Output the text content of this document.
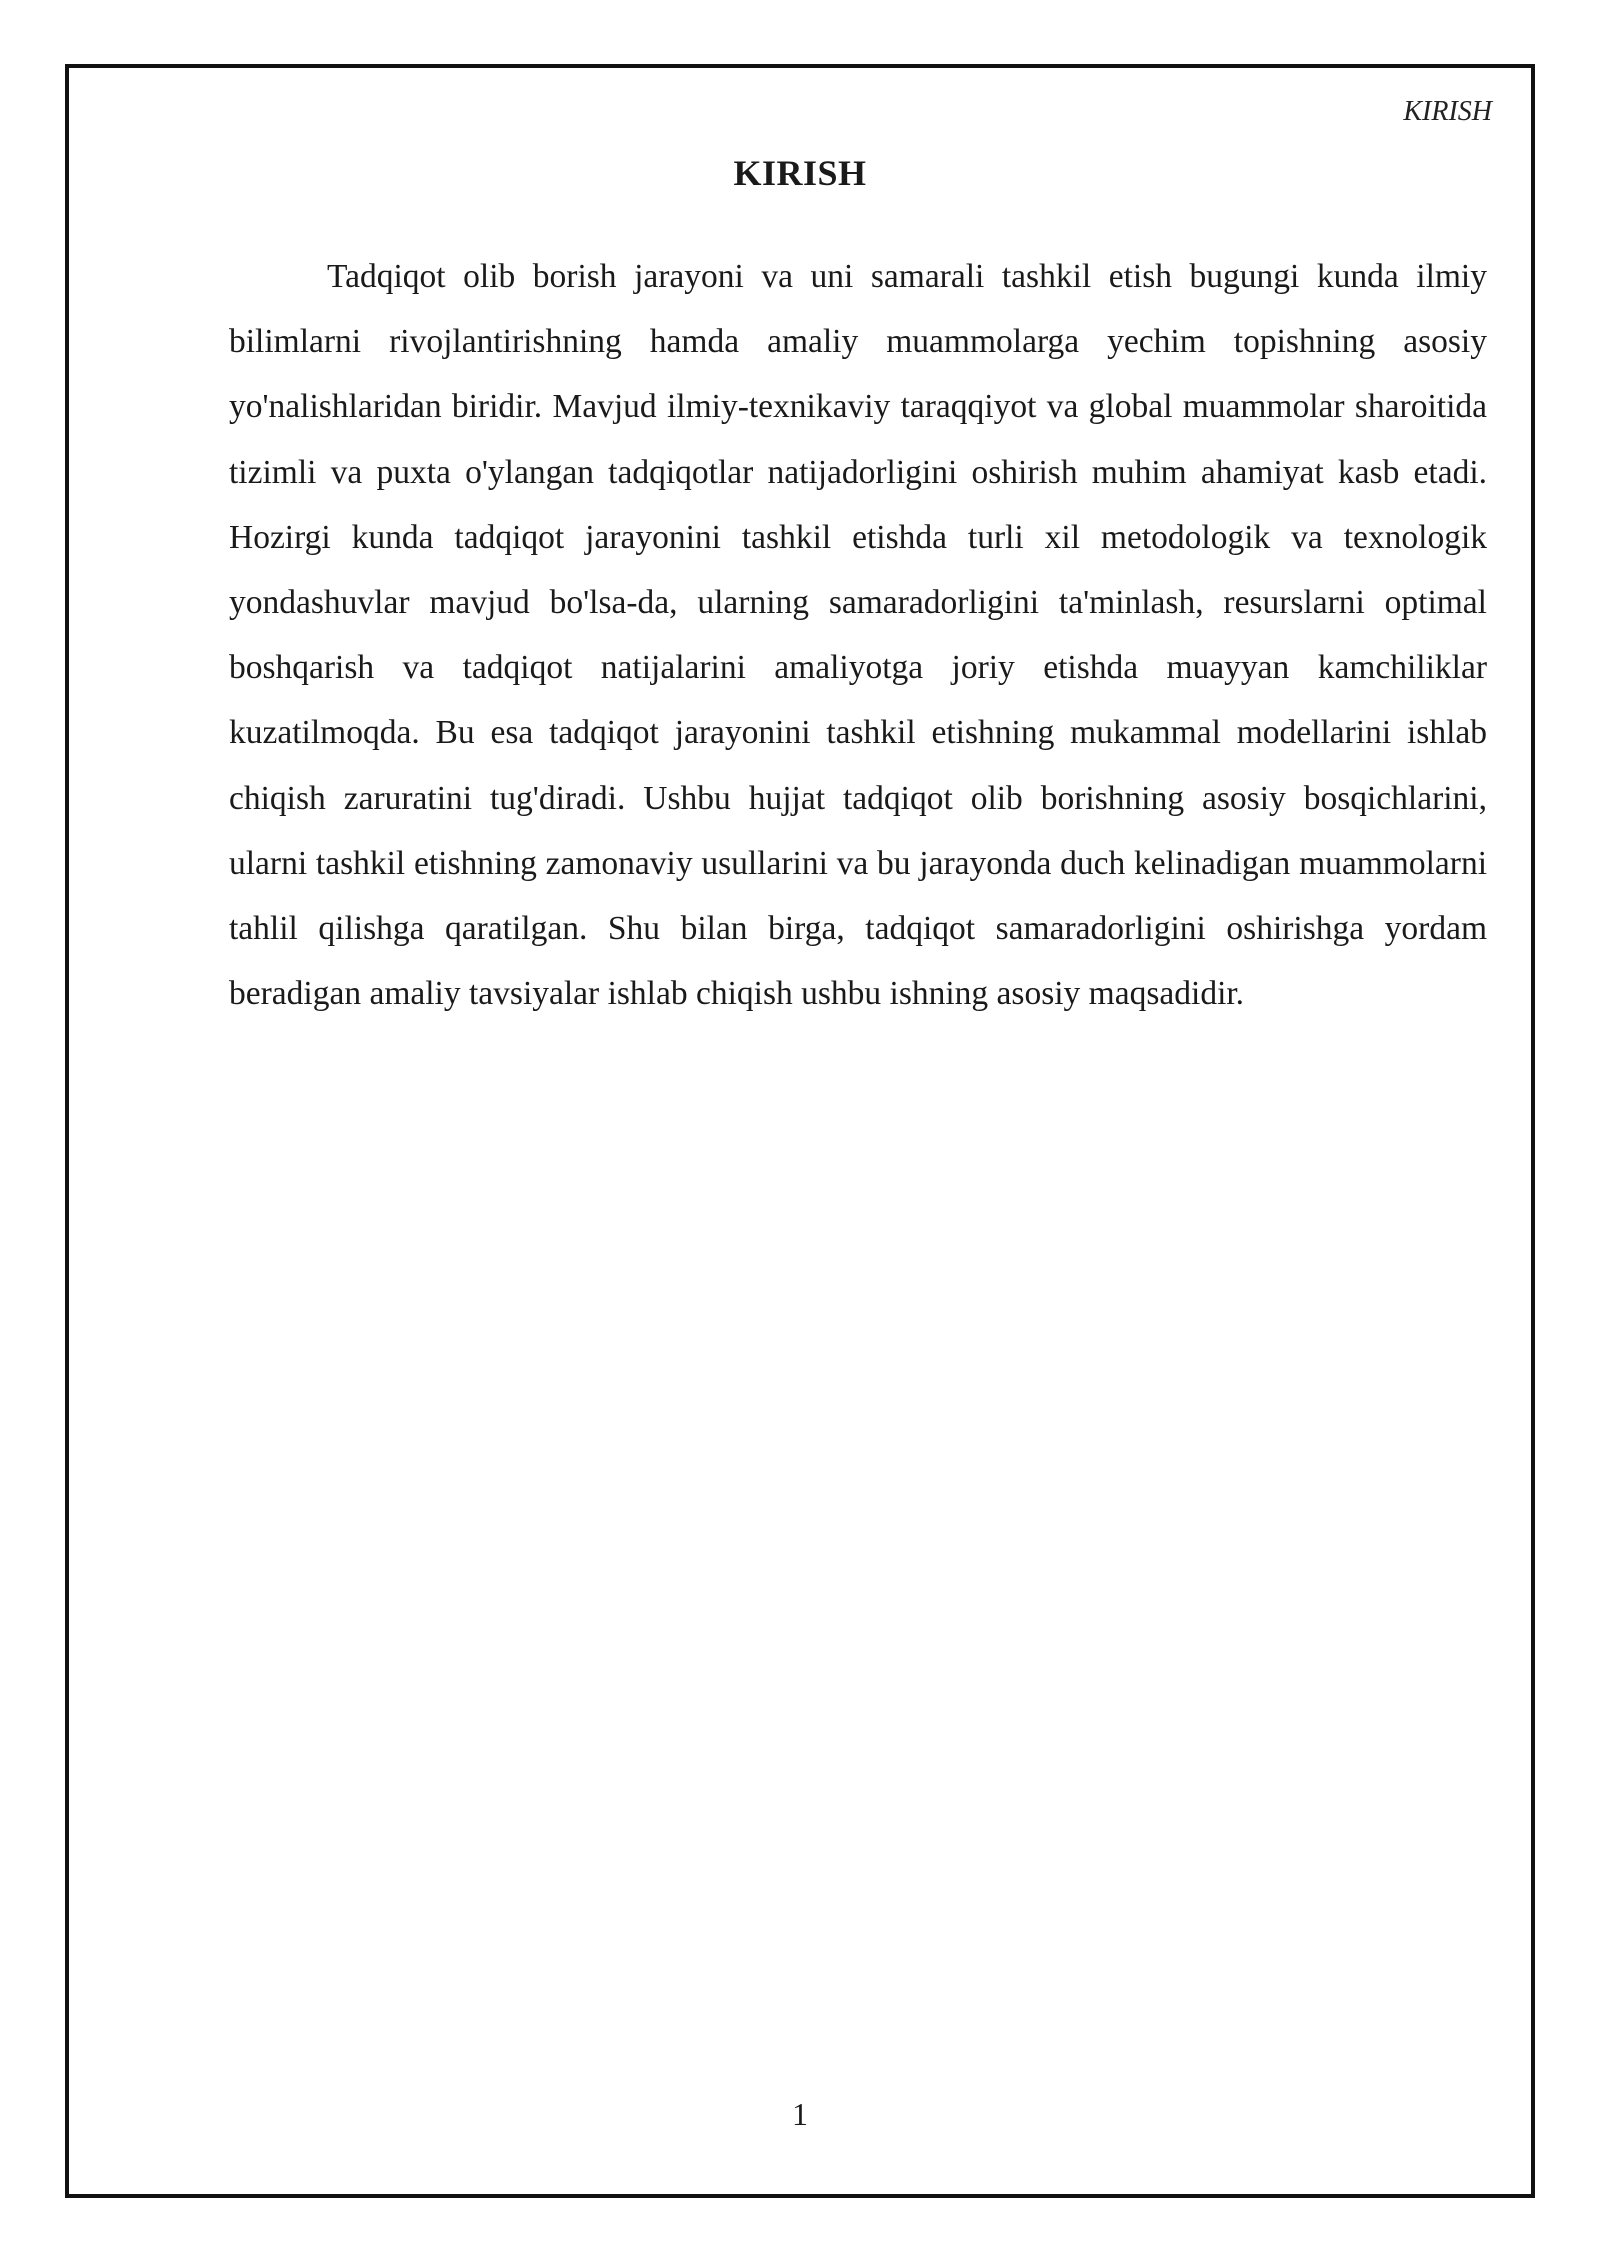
KIRISH
KIRISH

Tadqiqot olib borish jarayoni va uni samarali tashkil etish bugungi kunda ilmiy bilimlarni rivojlantirishning hamda amaliy muammolarga yechim topishning asosiy yo'nalishlaridan biridir. Mavjud ilmiy-texnikaviy taraqqiyot va global muammolar sharoitida tizimli va puxta o'ylangan tadqiqotlar natijadorligini oshirish muhim ahamiyat kasb etadi. Hozirgi kunda tadqiqot jarayonini tashkil etishda turli xil metodologik va texnologik yondashuvlar mavjud bo'lsa-da, ularning samaradorligini ta'minlash, resurslarni optimal boshqarish va tadqiqot natijalarini amaliyotga joriy etishda muayyan kamchiliklar kuzatilmoqda. Bu esa tadqiqot jarayonini tashkil etishning mukammal modellarini ishlab chiqish zaruratini tug'diradi. Ushbu hujjat tadqiqot olib borishning asosiy bosqichlarini, ularni tashkil etishning zamonaviy usullarini va bu jarayonda duch kelinadigan muammolarni tahlil qilishga qaratilgan. Shu bilan birga, tadqiqot samaradorligini oshirishga yordam beradigan amaliy tavsiyalar ishlab chiqish ushbu ishning asosiy maqsadidir.

1
